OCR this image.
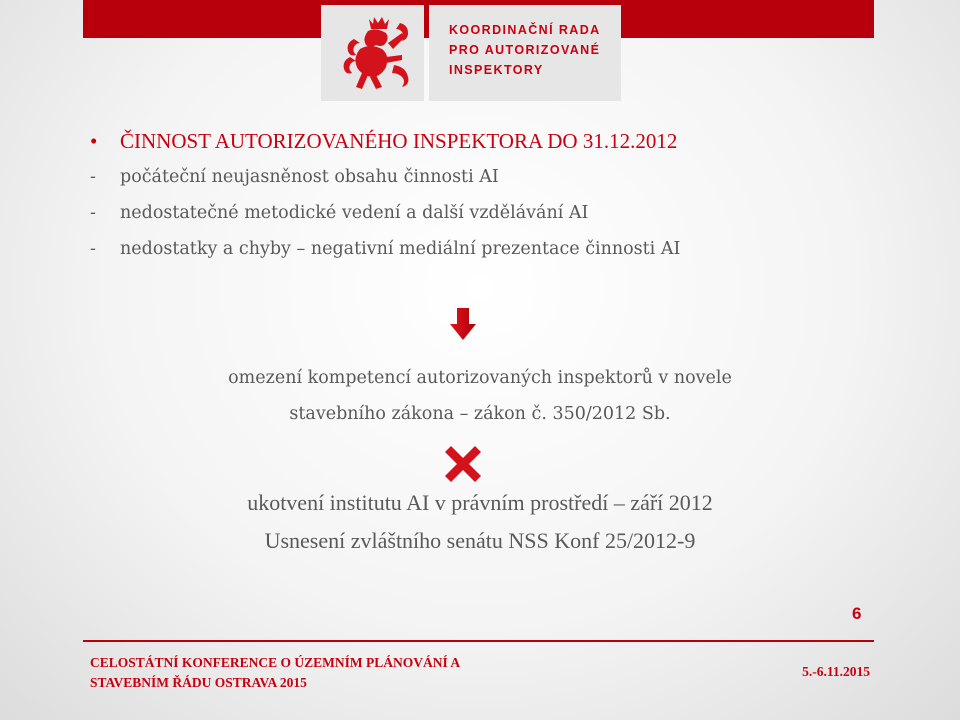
KOORDINAČNÍ RADA
PRO AUTORIZOVANÉ
INSPEKTORY
• ČINNOST AUTORIZOVANÉHO INSPEKTORA DO 31.12.2012
- počáteční neujasněnost obsahu činnosti AI
- nedostatečné metodické vedení a další vzdělávání AI
- nedostatky a chyby – negativní mediální prezentace činnosti AI
omezení kompetencí autorizovaných inspektorů v novele
stavebního zákona – zákon č. 350/2012 Sb.
ukotvení institutu AI v právním prostředí – září 2012
Usnesení zvláštního senátu NSS Konf 25/2012-9
6
CELOSTÁTNÍ KONFERENCE O ÚZEMNÍM PLÁNOVÁNÍ A
STAVEBNÍM ŘÁDU OSTRAVA 2015
5.-6.11.2015
